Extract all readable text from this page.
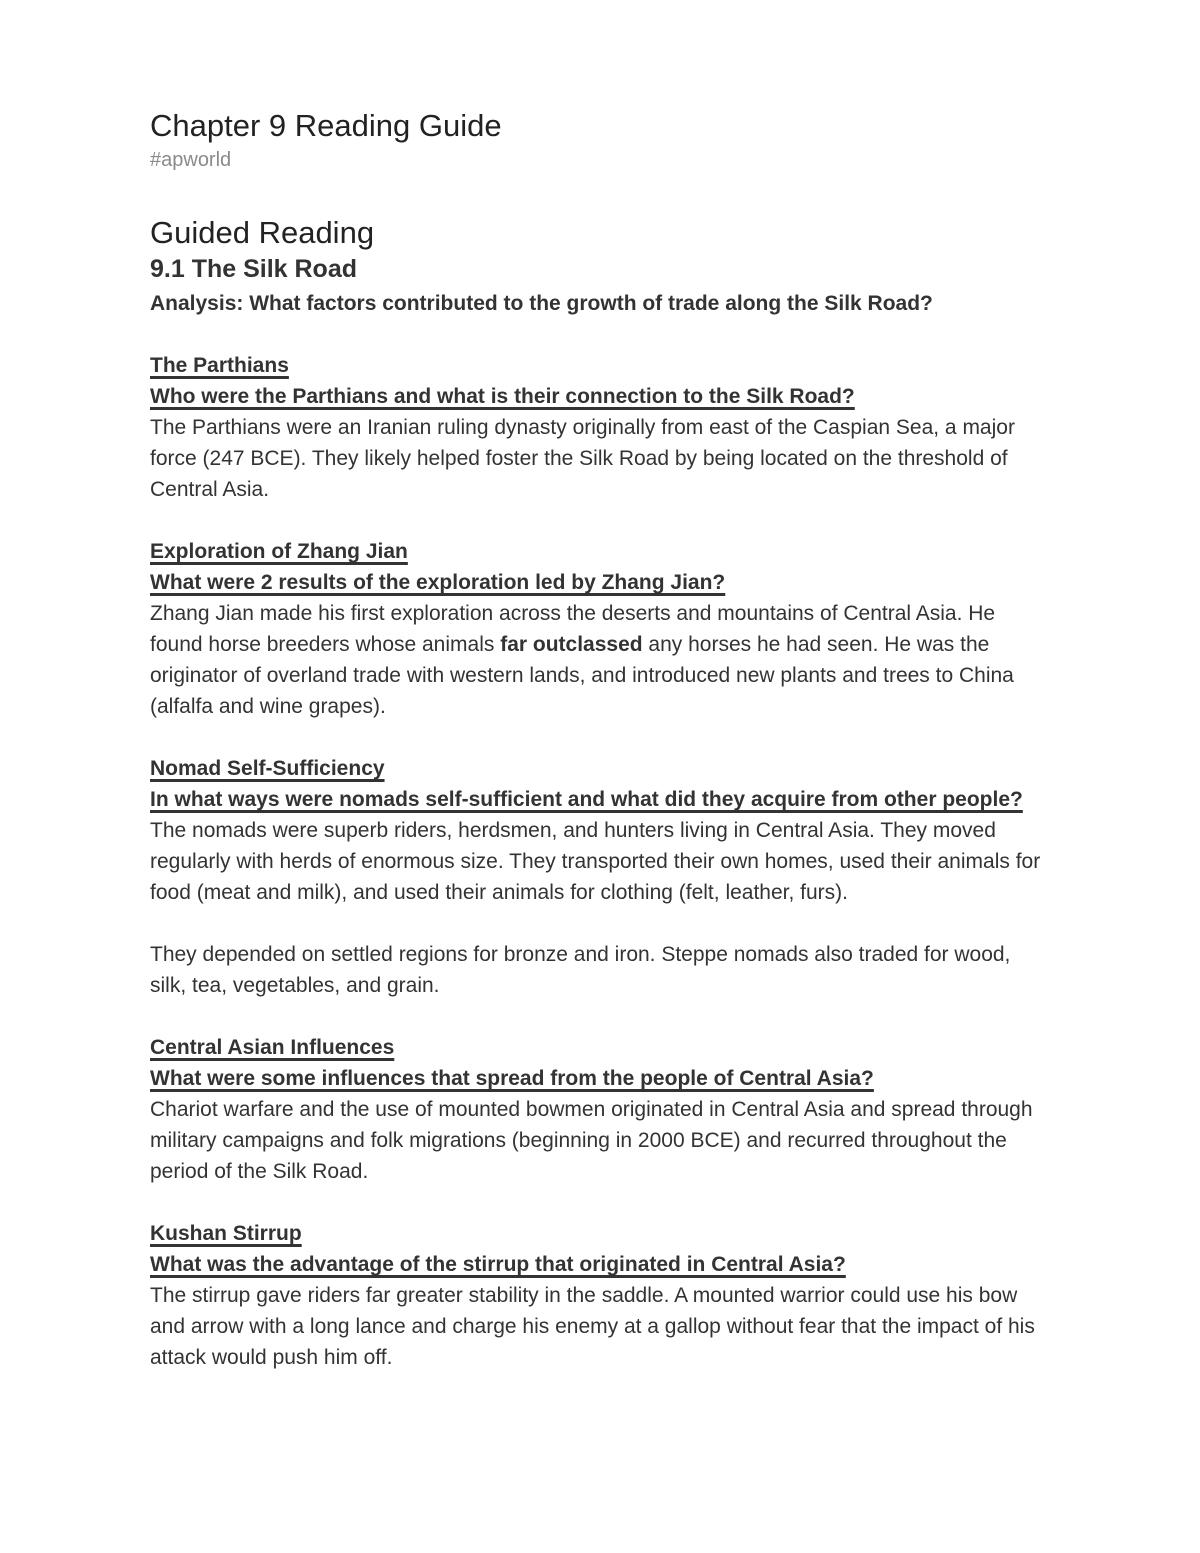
Chapter 9 Reading Guide
#apworld
Guided Reading
9.1 The Silk Road

Analysis: What factors contributed to the growth of trade along the Silk Road?

The Parthians

Who were the Parthians and what is their connection to the Silk Road?

The Parthians were an Iranian ruling dynasty originally from east of the Caspian Sea, a major force (247 BCE). They likely helped foster the Silk Road by being located on the threshold of Central Asia.

Exploration of Zhang Jian

What were 2 results of the exploration led by Zhang Jian?

Zhang Jian made his first exploration across the deserts and mountains of Central Asia. He found horse breeders whose animals far outclassed any horses he had seen. He was the originator of overland trade with western lands, and introduced new plants and trees to China (alfalfa and wine grapes).

Nomad Self-Sufficiency

In what ways were nomads self-sufficient and what did they acquire from other people?

The nomads were superb riders, herdsmen, and hunters living in Central Asia. They moved regularly with herds of enormous size. They transported their own homes, used their animals for food (meat and milk), and used their animals for clothing (felt, leather, furs).

They depended on settled regions for bronze and iron. Steppe nomads also traded for wood, silk, tea, vegetables, and grain.

Central Asian Influences

What were some influences that spread from the people of Central Asia?

Chariot warfare and the use of mounted bowmen originated in Central Asia and spread through military campaigns and folk migrations (beginning in 2000 BCE) and recurred throughout the period of the Silk Road.

Kushan Stirrup

What was the advantage of the stirrup that originated in Central Asia?

The stirrup gave riders far greater stability in the saddle. A mounted warrior could use his bow and arrow with a long lance and charge his enemy at a gallop without fear that the impact of his attack would push him off.
